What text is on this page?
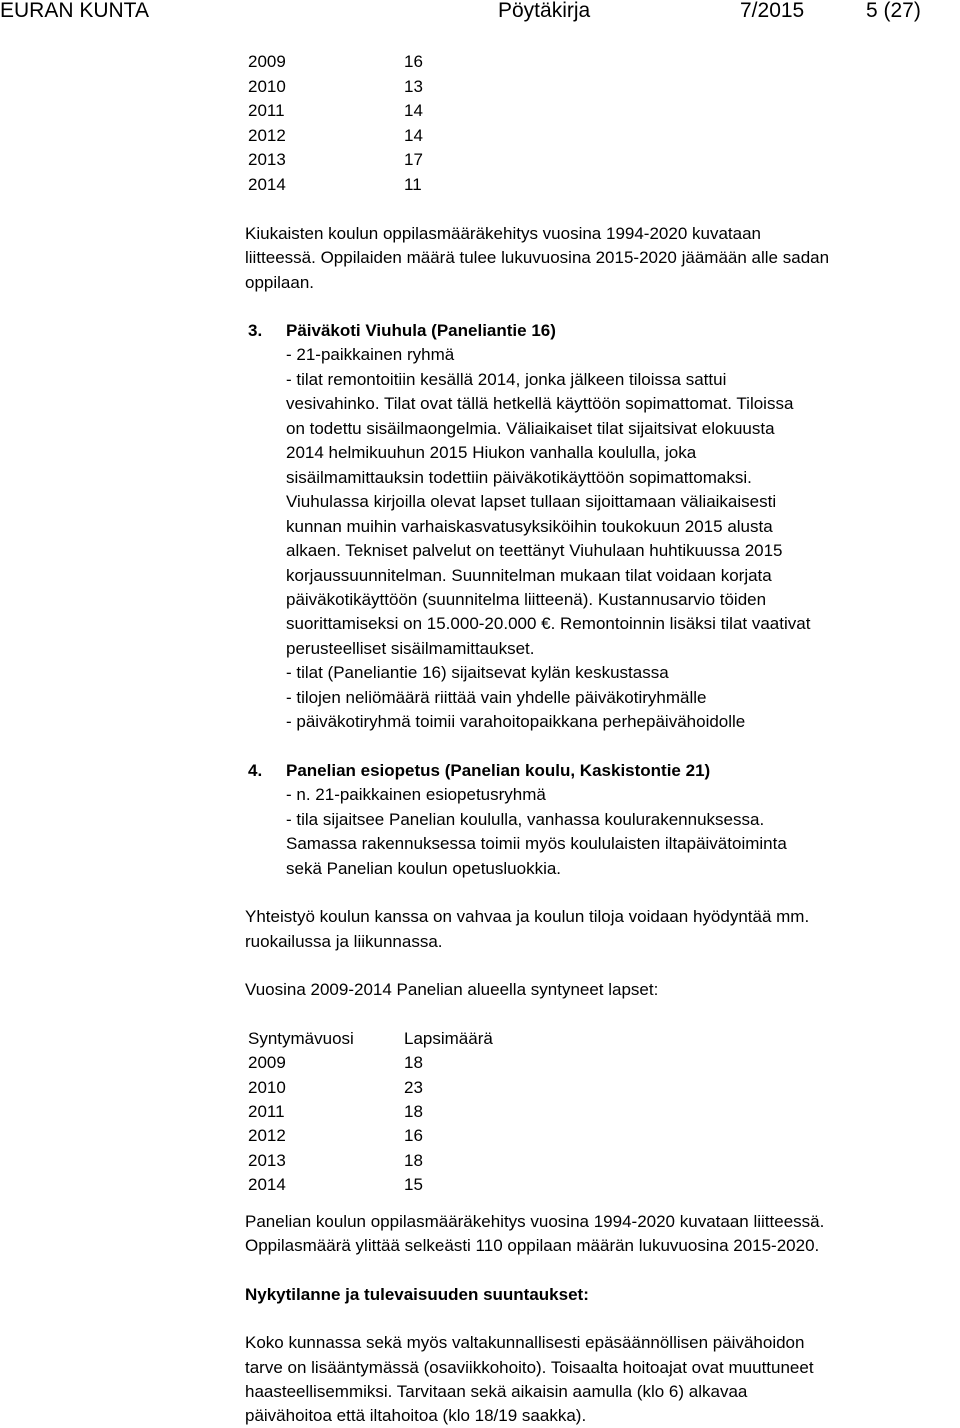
EURAN KUNTA	Pöytäkirja	7/2015	5 (27)
2009	16
2010	13
2011	14
2012	14
2013	17
2014	11
Kiukaisten koulun oppilasmääräkehitys vuosina 1994-2020 kuvataan
liitteessä. Oppilaiden määrä tulee lukuvuosina 2015-2020 jäämään alle sadan
oppilaan.
3. Päiväkoti Viuhula (Paneliantie 16)
- 21-paikkainen ryhmä
- tilat remontoitiin kesällä 2014, jonka jälkeen tiloissa sattui
vesivahinko. Tilat ovat tällä hetkellä käyttöön sopimattomat. Tiloissa
on todettu sisäilmaongelmia. Väliaikaiset tilat sijaitsivat elokuusta
2014 helmikuuhun 2015 Hiukon vanhalla koululla, joka
sisäilmamittauksin todettiin päiväkotikäyttöön sopimattomaksi.
Viuhulassa kirjoilla olevat lapset tullaan sijoittamaan väliaikaisesti
kunnan muihin varhaiskasvatusyksiköihin toukokuun 2015 alusta
alkaen. Tekniset palvelut on teettänyt Viuhulaan huhtikuussa 2015
korjaussuunnitelman. Suunnitelman mukaan tilat voidaan korjata
päiväkotikäyttöön (suunnitelma liitteenä). Kustannusarvio töiden
suorittamiseksi on 15.000-20.000 €. Remontoinnin lisäksi tilat vaativat
perusteelliset sisäilmamittaukset.
- tilat (Paneliantie 16) sijaitsevat kylän keskustassa
- tilojen neliömäärä riittää vain yhdelle päiväkotiryhmälle
- päiväkotiryhmä toimii varahoitopaikkana perhepäivähoidolle
4. Panelian esiopetus (Panelian koulu, Kaskistontie 21)
- n. 21-paikkainen esiopetusryhmä
- tila sijaitsee Panelian koululla, vanhassa koulurakennuksessa.
Samassa rakennuksessa toimii myös koululaisten iltapäivätoiminta
sekä Panelian koulun opetusluokkia.
Yhteistyö koulun kanssa on vahvaa ja koulun tiloja voidaan hyödyntää mm.
ruokailussa ja liikunnassa.
Vuosina 2009-2014 Panelian alueella syntyneet lapset:
Syntymävuosi	Lapsimäärä
2009	18
2010	23
2011	18
2012	16
2013	18
2014	15
Panelian koulun oppilasmääräkehitys vuosina 1994-2020 kuvataan liitteessä.
Oppilasmäärä ylittää selkeästi 110 oppilaan määrän lukuvuosina 2015-2020.
Nykytilanne ja tulevaisuuden suuntaukset:
Koko kunnassa sekä myös valtakunnallisesti epäsäännöllisen päivähoidon
tarve on lisääntymässä (osaviikkohoito). Toisaalta hoitoajat ovat muuttuneet
haasteellisemmiksi. Tarvitaan sekä aikaisin aamulla (klo 6) alkavaa
päivähoitoa että iltahoitoa (klo 18/19 saakka).
